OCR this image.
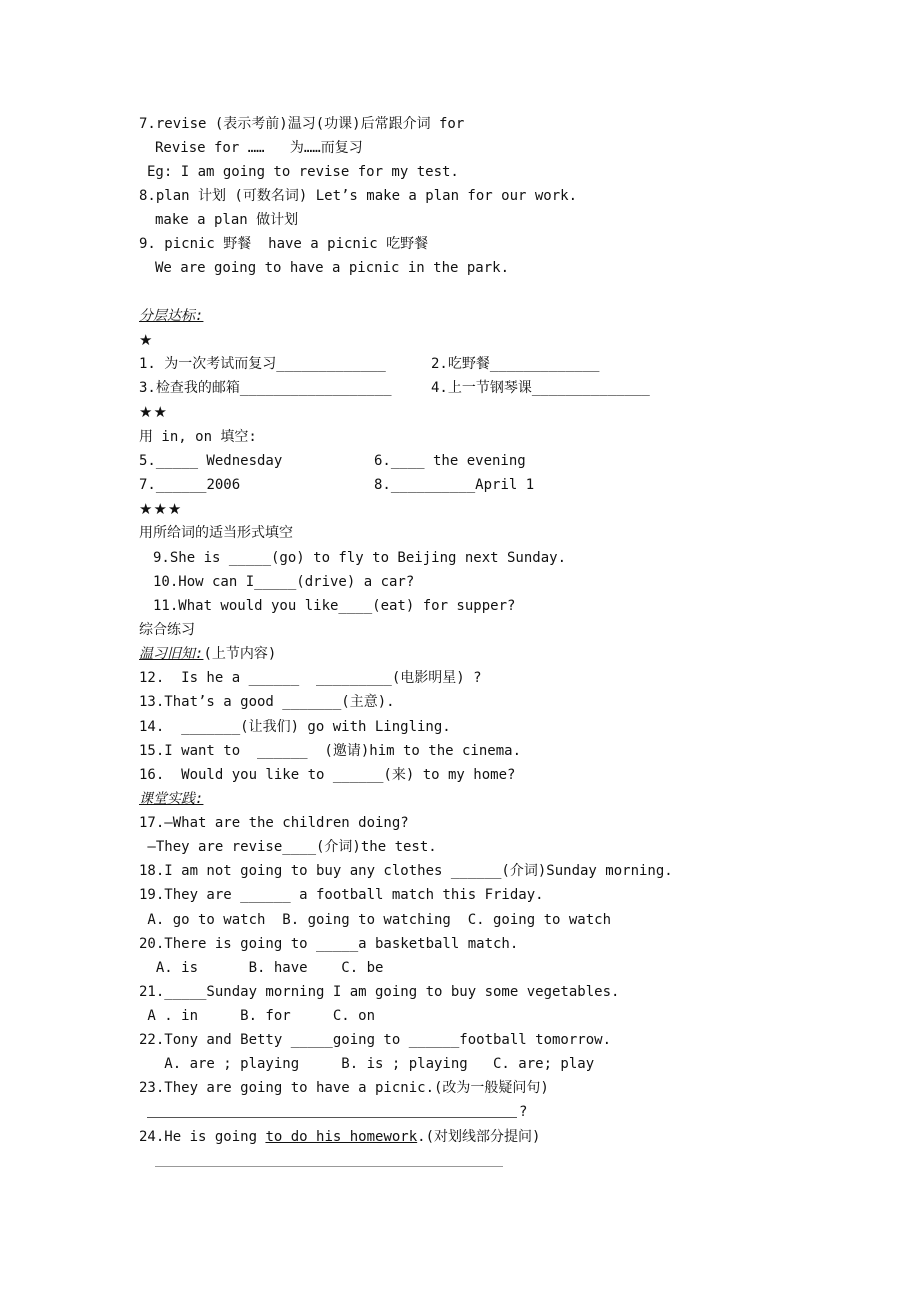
7.revise (表示考前)温习(功课)后常跟介词 for
Revise for ……   为……而复习
Eg: I am going to revise for my test.
8.plan 计划 (可数名词) Let’s make a plan for our work.
make a plan 做计划
9. picnic 野餐  have a picnic 吃野餐
We are going to have a picnic in the park.
分层达标:
★
1. 为一次考试而复习_____________	2.吃野餐_____________
3.检查我的邮箱__________________	4.上一节钢琴课______________
★★
用 in, on 填空:
5._____ Wednesday	6.____ the evening
7.______2006	8.__________April 1
★★★
用所给词的适当形式填空
9.She is _____(go) to fly to Beijing next Sunday.
10.How can I_____(drive) a car?
11.What would you like____(eat) for supper?
综合练习
温习旧知:(上节内容)
12.  Is he a ______  _________(电影明星) ?
13.That’s a good _______(主意).
14.  _______(让我们) go with Lingling.
15.I want to  ______  (邀请)him to the cinema.
16.  Would you like to ______(来) to my home?
课堂实践:
17.—What are the children doing?
—They are revise____(介词)the test.
18.I am not going to buy any clothes ______(介词)Sunday morning.
19.They are ______ a football match this Friday.
A. go to watch  B. going to watching  C. going to watch
20.There is going to _____a basketball match.
A. is      B. have    C. be
21._____Sunday morning I am going to buy some vegetables.
A . in     B. for     C. on
22.Tony and Betty _____going to ______football tomorrow.
A. are ; playing     B. is ; playing   C. are; play
23.They are going to have a picnic.(改为一般疑问句)
?
24.He is going to do his homework.(对划线部分提问)
